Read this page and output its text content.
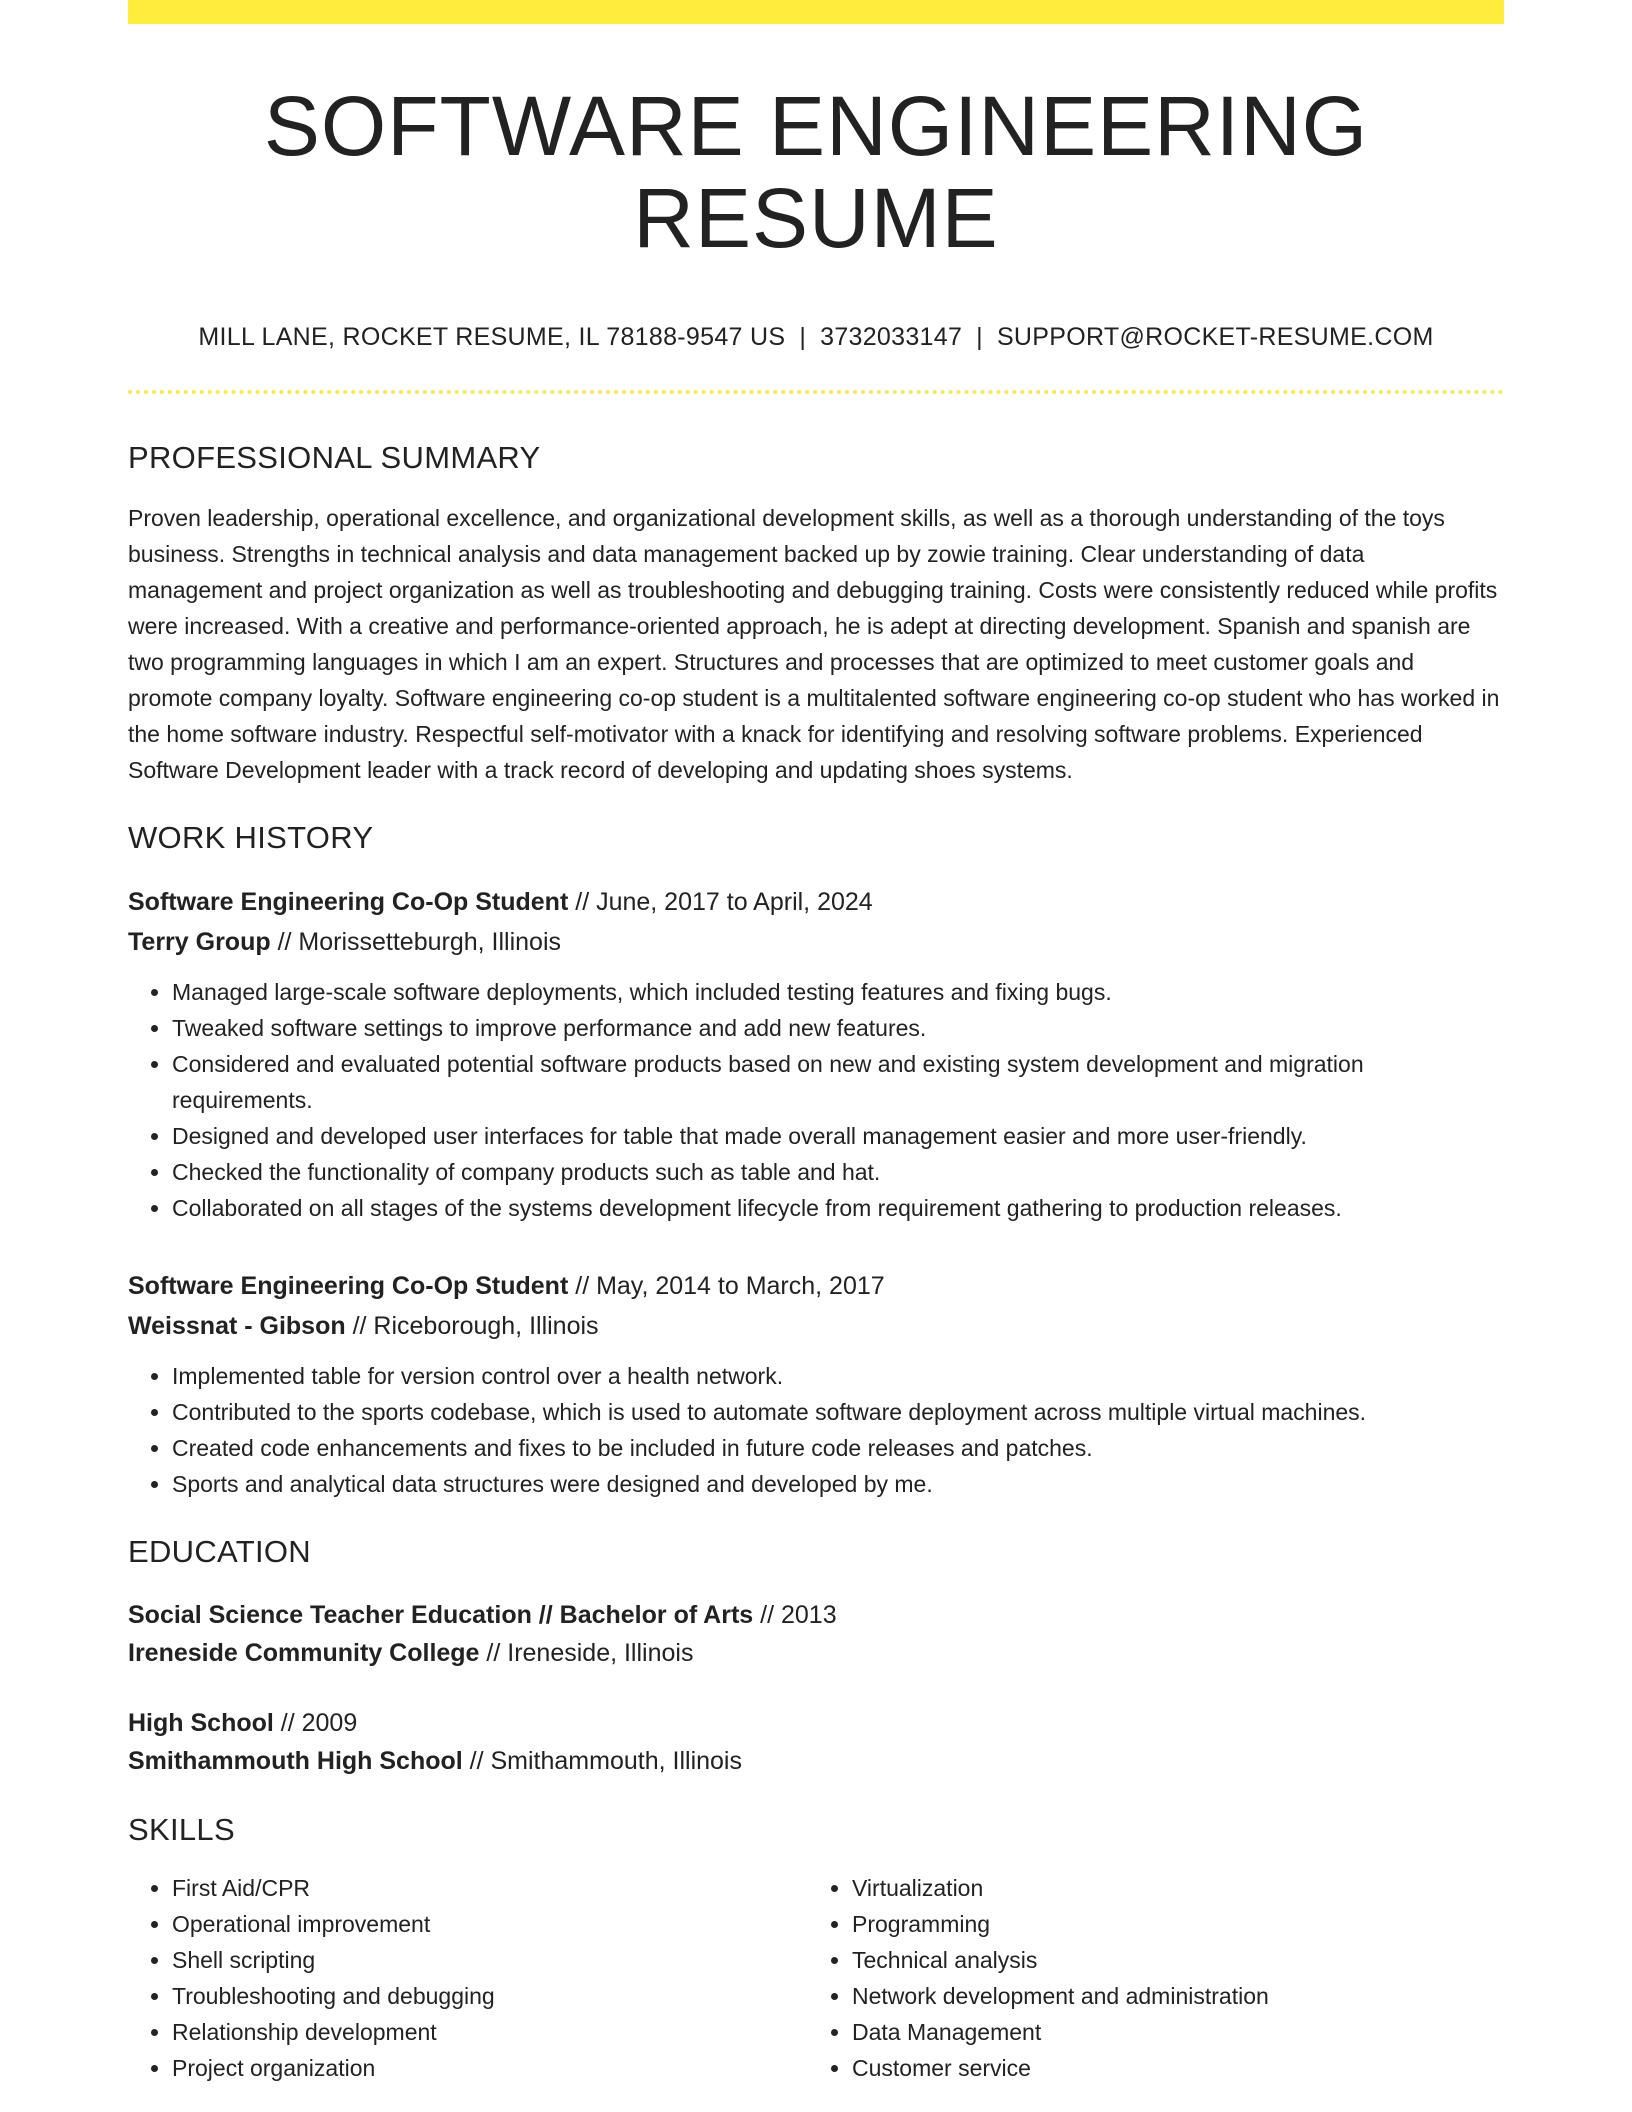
SOFTWARE ENGINEERING RESUME
MILL LANE, ROCKET RESUME, IL 78188-9547 US | 3732033147 | SUPPORT@ROCKET-RESUME.COM
PROFESSIONAL SUMMARY

Proven leadership, operational excellence, and organizational development skills, as well as a thorough understanding of the toys business. Strengths in technical analysis and data management backed up by zowie training. Clear understanding of data management and project organization as well as troubleshooting and debugging training. Costs were consistently reduced while profits were increased. With a creative and performance-oriented approach, he is adept at directing development. Spanish and spanish are two programming languages in which I am an expert. Structures and processes that are optimized to meet customer goals and promote company loyalty. Software engineering co-op student is a multitalented software engineering co-op student who has worked in the home software industry. Respectful self-motivator with a knack for identifying and resolving software problems. Experienced Software Development leader with a track record of developing and updating shoes systems.

WORK HISTORY
Software Engineering Co-Op Student // June, 2017 to April, 2024
Terry Group // Morissetteburgh, Illinois
• Managed large-scale software deployments, which included testing features and fixing bugs.
• Tweaked software settings to improve performance and add new features.
• Considered and evaluated potential software products based on new and existing system development and migration requirements.
• Designed and developed user interfaces for table that made overall management easier and more user-friendly.
• Checked the functionality of company products such as table and hat.
• Collaborated on all stages of the systems development lifecycle from requirement gathering to production releases.
Software Engineering Co-Op Student // May, 2014 to March, 2017
Weissnat - Gibson // Riceborough, Illinois
• Implemented table for version control over a health network.
• Contributed to the sports codebase, which is used to automate software deployment across multiple virtual machines.
• Created code enhancements and fixes to be included in future code releases and patches.
• Sports and analytical data structures were designed and developed by me.
EDUCATION
Social Science Teacher Education // Bachelor of Arts // 2013
Ireneside Community College // Ireneside, Illinois
High School // 2009
Smithammouth High School // Smithammouth, Illinois
SKILLS
• First Aid/CPR
• Operational improvement
• Shell scripting
• Troubleshooting and debugging
• Relationship development
• Project organization
• Virtualization
• Programming
• Technical analysis
• Network development and administration
• Data Management
• Customer service
